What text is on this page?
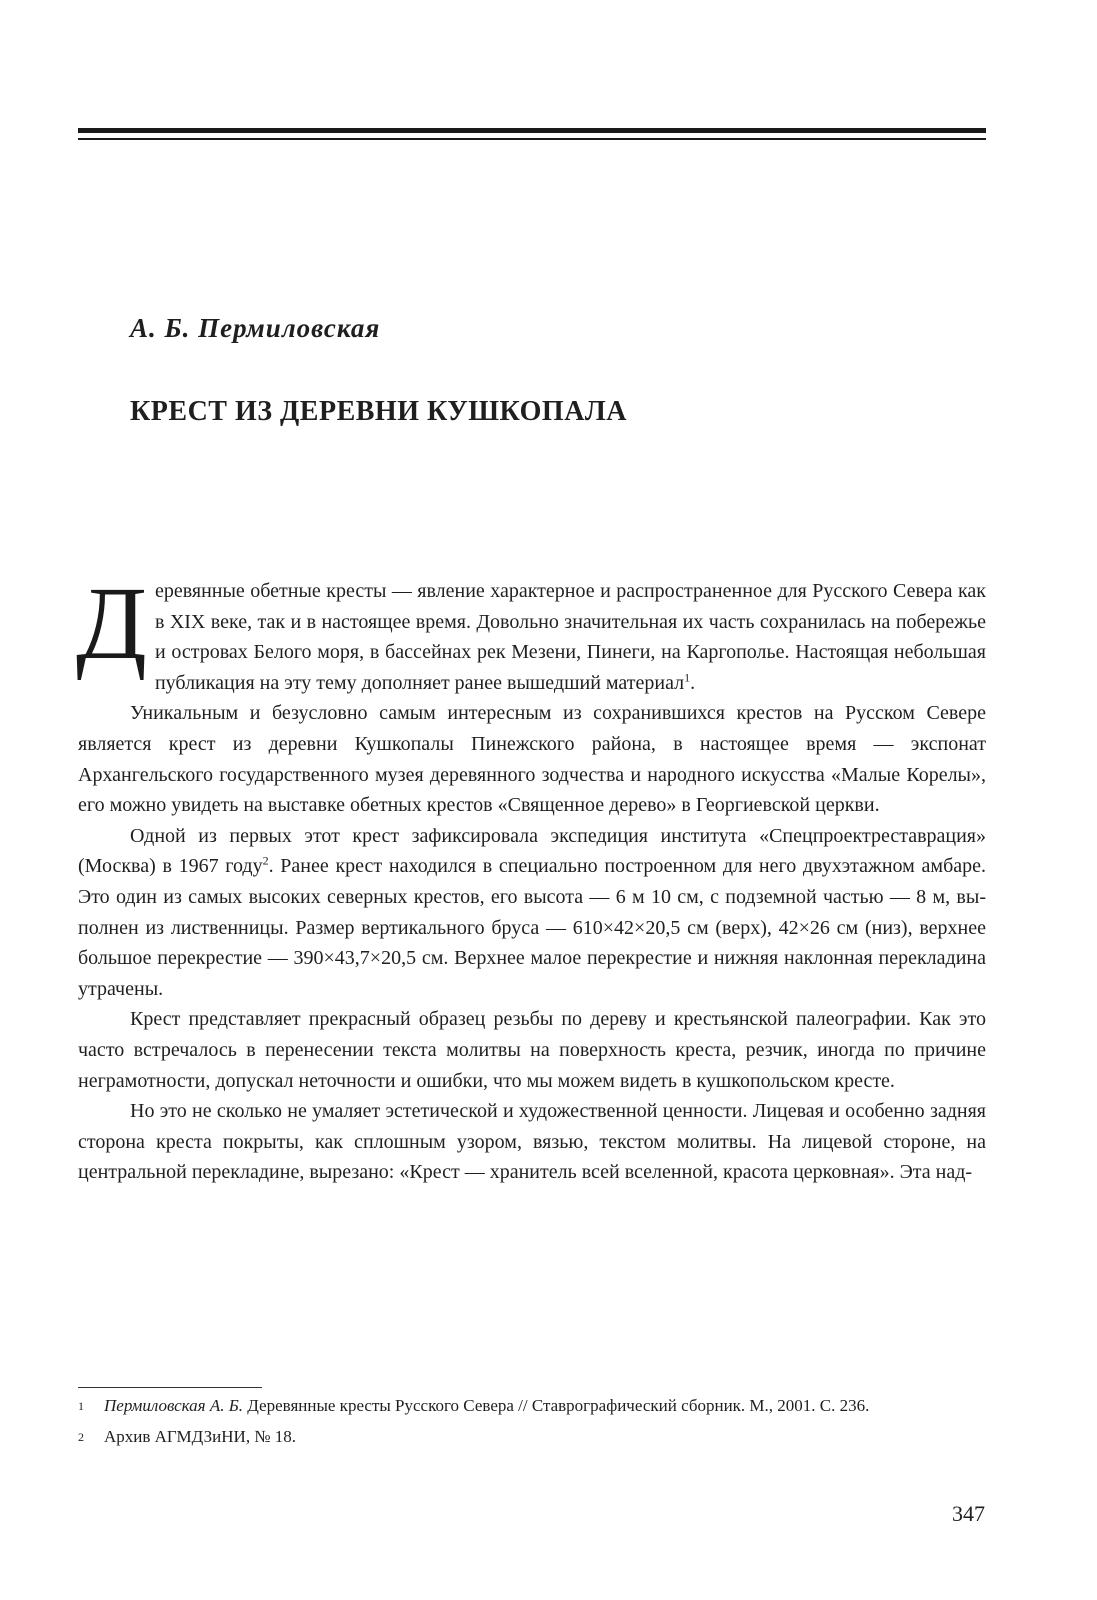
А. Б. Пермиловская
КРЕСТ ИЗ ДЕРЕВНИ КУШКОПАЛА

Деревянные обетные кресты — явление характерное и распространенное для Русского Севера как в XIX веке, так и в настоящее время. Довольно значительная их часть сохранилась на побережье и островах Белого моря, в бассейнах рек Мезени, Пинеги, на Каргополье. Настоящая небольшая публикация на эту тему дополняет ранее вышедший материал$^1$.

Уникальным и безусловно самым интересным из сохранившихся крестов на Русском Севере является крест из деревни Кушкопалы Пинежского района, в настоящее время — экспонат Архангельского государственного музея деревянного зодчества и народного искусства «Малые Корелы», его можно увидеть на выставке обетных крестов «Священное дерево» в Георгиевской церкви.

Одной из первых этот крест зафиксировала экспедиция института «Спецпроектреставрация» (Москва) в 1967 году$^2$. Ранее крест находился в специально построенном для него двухэтажном амбаре. Это один из самых высоких северных крестов, его высота — 6 м 10 см, с подземной частью — 8 м, выполнен из лиственницы. Размер вертикального бруса — 610×42×20,5 см (верх), 42×26 см (низ), верхнее большое перекрестие — 390×43,7×20,5 см. Верхнее малое перекрестие и нижняя наклонная перекладина утрачены.

Крест представляет прекрасный образец резьбы по дереву и крестьянской палеографии. Как это часто встречалось в перенесении текста молитвы на поверхность креста, резчик, иногда по причине неграмотности, допускал неточности и ошибки, что мы можем видеть в кушкопольском кресте.

Но это не сколько не умаляет эстетической и художественной ценности. Лицевая и особенно задняя сторона креста покрыты, как сплошным узором, вязью, текстом молитвы. На лицевой стороне, на центральной перекладине, вырезано: «Крест — хранитель всей вселенной, красота церковная». Эта над-

1	Пермиловская А. Б. Деревянные кресты Русского Севера // Ставрографический сборник. М., 2001. С. 236.
2	Архив АГМДЗиНИ, № 18.
347
